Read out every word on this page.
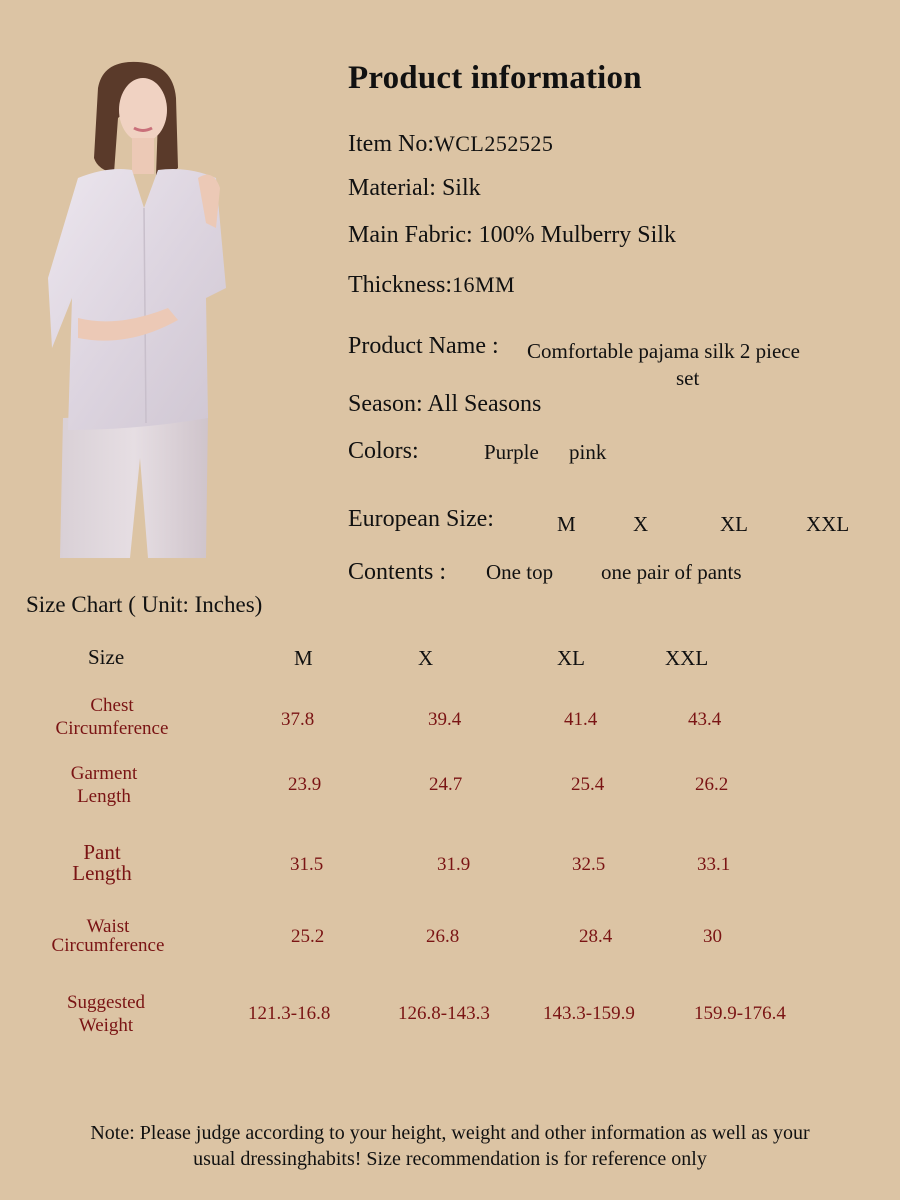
Product information
Item No:WCL252525
Material: Silk
Main Fabric: 100% Mulberry Silk
Thickness:16MM
Product Name : Comfortable pajama silk 2 piece
set
Season: All Seasons
Colors:	Purple pink
European Size:	M	X	XL	XXL
Contents : One top one pair of pants
Size Chart ( Unit: Inches)
Size	M	X	XL	XXL
Chest
Circumference	37.8	39.4	41.4	43.4
Garment
Length
23.9	24.7	25.4	26.2
Pant
Length	31.5	31.9	32.5	33.1
Waist
Circumference	25.2	26.8	28.4	30
Suggested
Weight
121.3-16.8	126.8-143.3	143.3-159.9	159.9-176.4
Note: Please judge according to your height, weight and other information as well as your
usual dressinghabits! Size recommendation is for reference only
